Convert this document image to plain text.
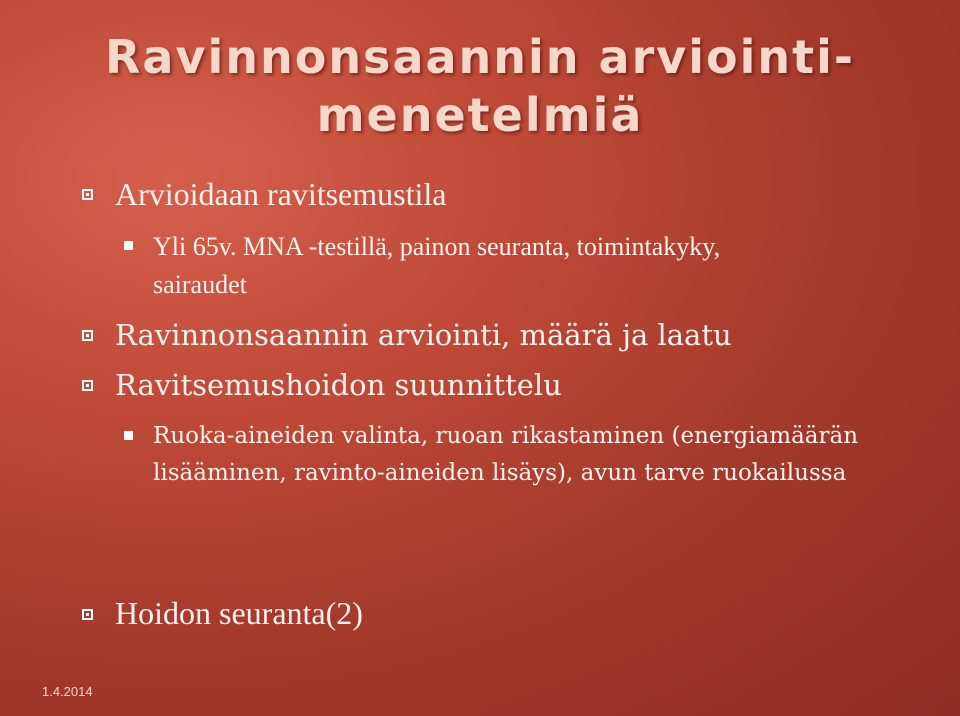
Ravinnonsaannin arviointi-
menetelmiä
Arvioidaan ravitsemustila
Yli 65v. MNA -testillä, painon seuranta, toimintakyky, sairaudet
Ravinnonsaannin arviointi, määrä ja laatu
Ravitsemushoidon suunnittelu
Ruoka-aineiden valinta, ruoan rikastaminen (energiamäärän lisääminen, ravinto-aineiden lisäys), avun tarve ruokailussa
Hoidon seuranta(2)
1.4.2014
